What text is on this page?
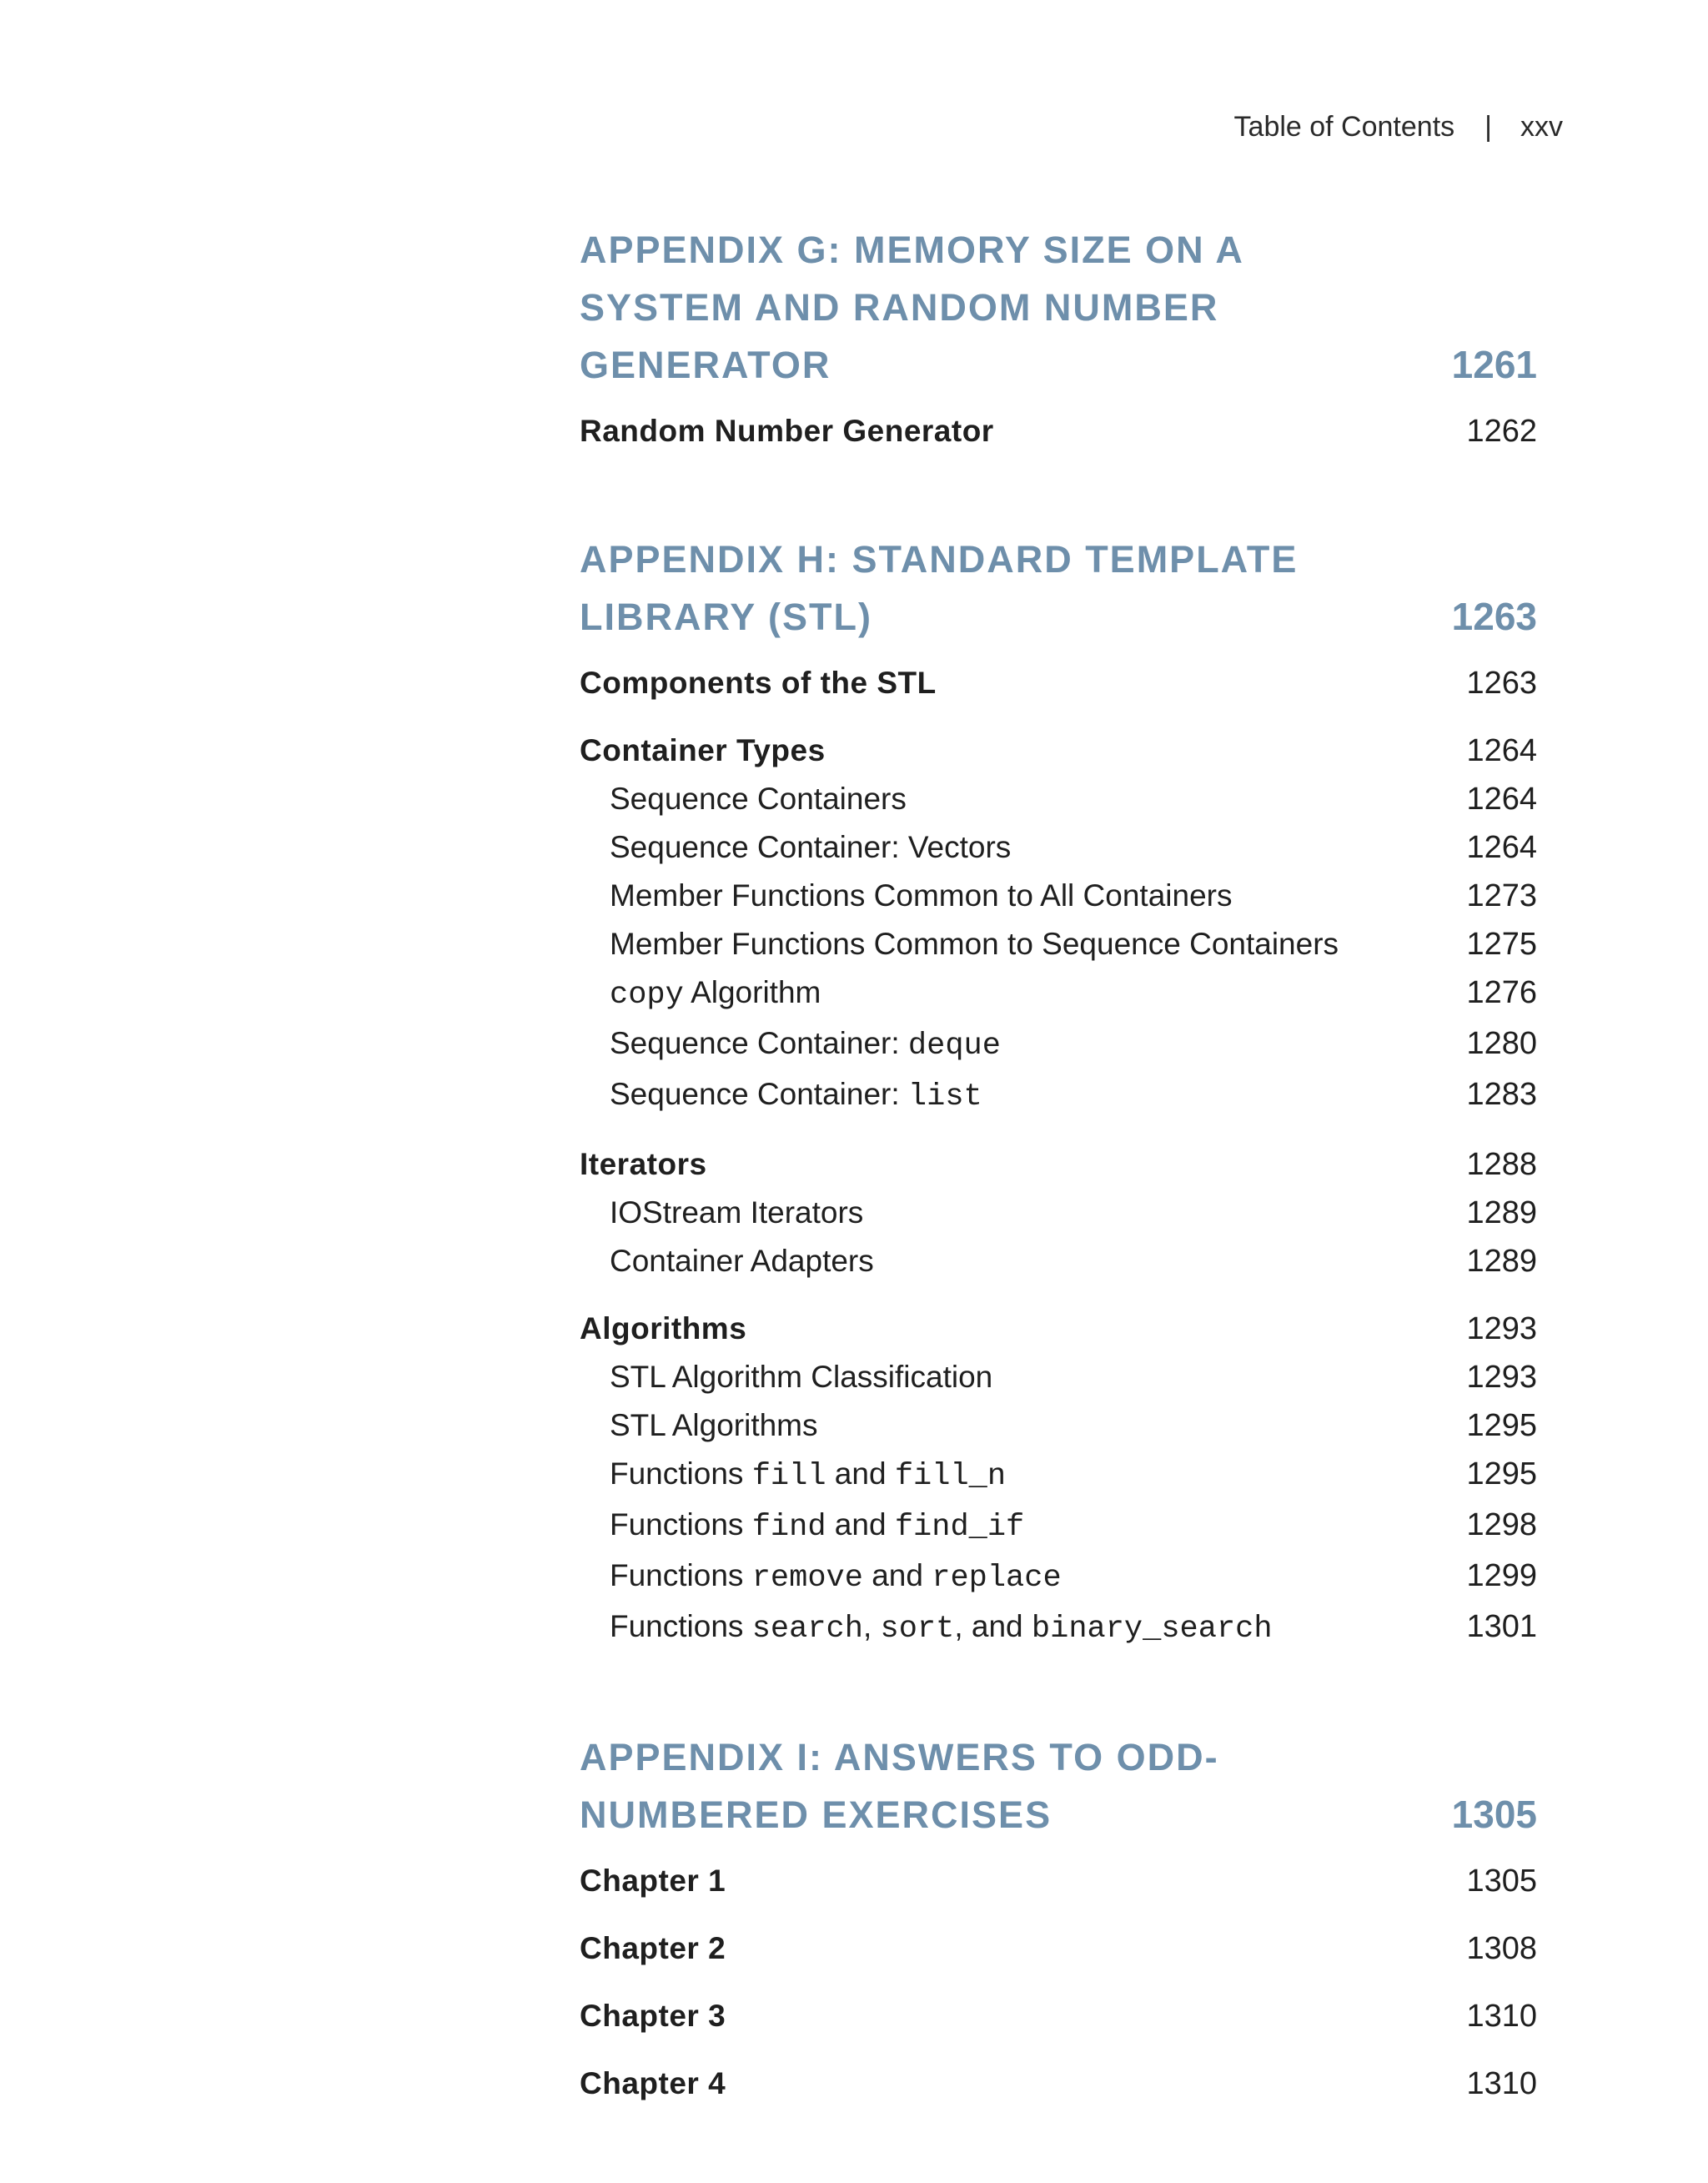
Table of Contents | xxv
APPENDIX G: MEMORY SIZE ON A SYSTEM AND RANDOM NUMBER GENERATOR	1261
Random Number Generator	1262
APPENDIX H: STANDARD TEMPLATE LIBRARY (STL)	1263
Components of the STL	1263
Container Types	1264
Sequence Containers	1264
Sequence Container: Vectors	1264
Member Functions Common to All Containers	1273
Member Functions Common to Sequence Containers	1275
copy Algorithm	1276
Sequence Container: deque	1280
Sequence Container: list	1283
Iterators	1288
IOStream Iterators	1289
Container Adapters	1289
Algorithms	1293
STL Algorithm Classification	1293
STL Algorithms	1295
Functions fill and fill_n	1295
Functions find and find_if	1298
Functions remove and replace	1299
Functions search, sort, and binary_search	1301
APPENDIX I: ANSWERS TO ODD-NUMBERED EXERCISES	1305
Chapter 1	1305
Chapter 2	1308
Chapter 3	1310
Chapter 4	1310
